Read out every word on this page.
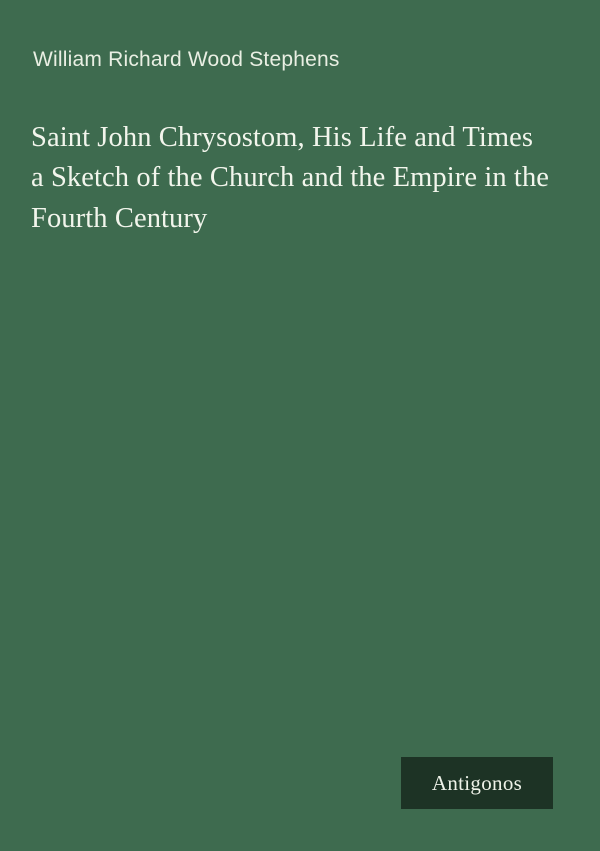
William Richard Wood Stephens
Saint John Chrysostom, His Life and Times a Sketch of the Church and the Empire in the Fourth Century
Antigonos
